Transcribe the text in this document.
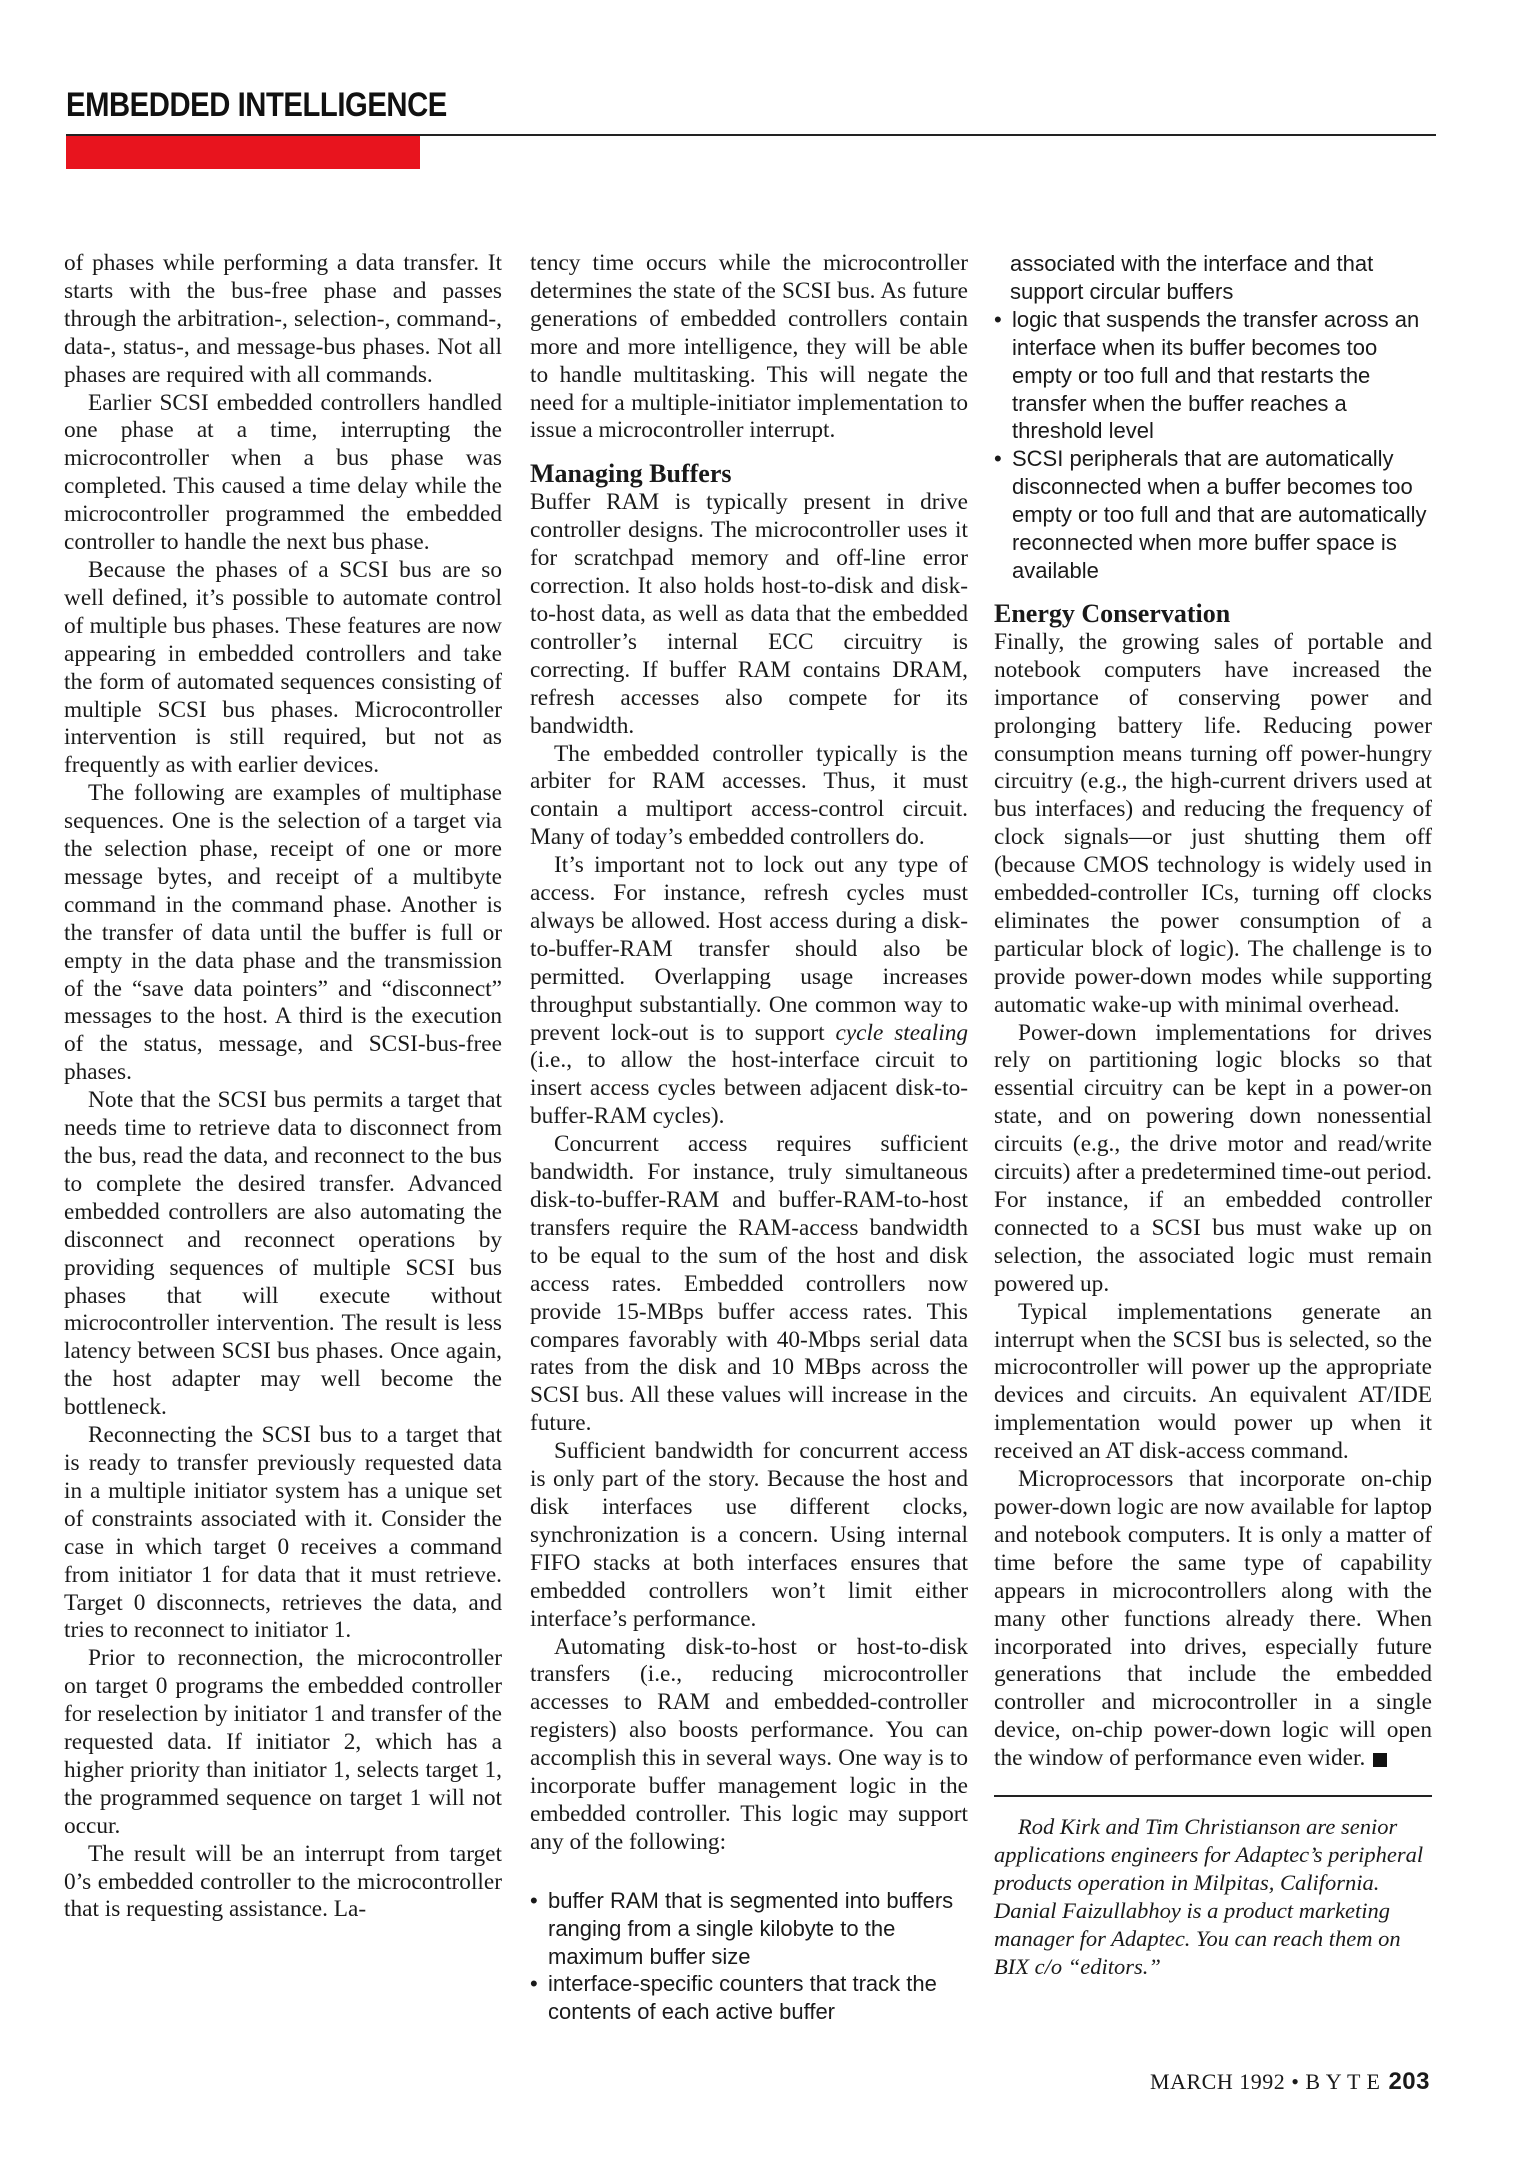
EMBEDDED INTELLIGENCE

of phases while performing a data transfer. It starts with the bus-free phase and passes through the arbitration-, selection-, command-, data-, status-, and message-bus phases. Not all phases are required with all commands.

Earlier SCSI embedded controllers handled one phase at a time, interrupting the microcontroller when a bus phase was completed. This caused a time delay while the microcontroller programmed the embedded controller to handle the next bus phase.

Because the phases of a SCSI bus are so well defined, it’s possible to automate control of multiple bus phases. These features are now appearing in embedded controllers and take the form of automated sequences consisting of multiple SCSI bus phases. Microcontroller intervention is still required, but not as frequently as with earlier devices.

The following are examples of multiphase sequences. One is the selection of a target via the selection phase, receipt of one or more message bytes, and receipt of a multibyte command in the command phase. Another is the transfer of data until the buffer is full or empty in the data phase and the transmission of the “save data pointers” and “disconnect” messages to the host. A third is the execution of the status, message, and SCSI-bus-free phases.

Note that the SCSI bus permits a target that needs time to retrieve data to disconnect from the bus, read the data, and reconnect to the bus to complete the desired transfer. Advanced embedded controllers are also automating the disconnect and reconnect operations by providing sequences of multiple SCSI bus phases that will execute without microcontroller intervention. The result is less latency between SCSI bus phases. Once again, the host adapter may well become the bottleneck.

Reconnecting the SCSI bus to a target that is ready to transfer previously requested data in a multiple initiator system has a unique set of constraints associated with it. Consider the case in which target 0 receives a command from initiator 1 for data that it must retrieve. Target 0 disconnects, retrieves the data, and tries to reconnect to initiator 1.

Prior to reconnection, the microcontroller on target 0 programs the embedded controller for reselection by initiator 1 and transfer of the requested data. If initiator 2, which has a higher priority than initiator 1, selects target 1, the programmed sequence on target 1 will not occur.

The result will be an interrupt from target 0’s embedded controller to the microcontroller that is requesting assistance. La-

tency time occurs while the microcontroller determines the state of the SCSI bus. As future generations of embedded controllers contain more and more intelligence, they will be able to handle multitasking. This will negate the need for a multiple-initiator implementation to issue a microcontroller interrupt.

Managing Buffers

Buffer RAM is typically present in drive controller designs. The microcontroller uses it for scratchpad memory and off-line error correction. It also holds host-to-disk and disk-to-host data, as well as data that the embedded controller’s internal ECC circuitry is correcting. If buffer RAM contains DRAM, refresh accesses also compete for its bandwidth.

The embedded controller typically is the arbiter for RAM accesses. Thus, it must contain a multiport access-control circuit. Many of today’s embedded controllers do.

It’s important not to lock out any type of access. For instance, refresh cycles must always be allowed. Host access during a disk-to-buffer-RAM transfer should also be permitted. Overlapping usage increases throughput substantially. One common way to prevent lock-out is to support cycle stealing (i.e., to allow the host-interface circuit to insert access cycles between adjacent disk-to-buffer-RAM cycles).

Concurrent access requires sufficient bandwidth. For instance, truly simultaneous disk-to-buffer-RAM and buffer-RAM-to-host transfers require the RAM-access bandwidth to be equal to the sum of the host and disk access rates. Embedded controllers now provide 15-MBps buffer access rates. This compares favorably with 40-Mbps serial data rates from the disk and 10 MBps across the SCSI bus. All these values will increase in the future.

Sufficient bandwidth for concurrent access is only part of the story. Because the host and disk interfaces use different clocks, synchronization is a concern. Using internal FIFO stacks at both interfaces ensures that embedded controllers won’t limit either interface’s performance.

Automating disk-to-host or host-to-disk transfers (i.e., reducing microcontroller accesses to RAM and embedded-controller registers) also boosts performance. You can accomplish this in several ways. One way is to incorporate buffer management logic in the embedded controller. This logic may support any of the following:

• buffer RAM that is segmented into buffers ranging from a single kilobyte to the maximum buffer size
• interface-specific counters that track the contents of each active buffer
associated with the interface and that support circular buffers
• logic that suspends the transfer across an interface when its buffer becomes too empty or too full and that restarts the transfer when the buffer reaches a threshold level
• SCSI peripherals that are automatically disconnected when a buffer becomes too empty or too full and that are automatically reconnected when more buffer space is available
Energy Conservation

Finally, the growing sales of portable and notebook computers have increased the importance of conserving power and prolonging battery life. Reducing power consumption means turning off power-hungry circuitry (e.g., the high-current drivers used at bus interfaces) and reducing the frequency of clock signals—or just shutting them off (because CMOS technology is widely used in embedded-controller ICs, turning off clocks eliminates the power consumption of a particular block of logic). The challenge is to provide power-down modes while supporting automatic wake-up with minimal overhead.

Power-down implementations for drives rely on partitioning logic blocks so that essential circuitry can be kept in a power-on state, and on powering down nonessential circuits (e.g., the drive motor and read/write circuits) after a predetermined time-out period. For instance, if an embedded controller connected to a SCSI bus must wake up on selection, the associated logic must remain powered up.

Typical implementations generate an interrupt when the SCSI bus is selected, so the microcontroller will power up the appropriate devices and circuits. An equivalent AT/IDE implementation would power up when it received an AT disk-access command.

Microprocessors that incorporate on-chip power-down logic are now available for laptop and notebook computers. It is only a matter of time before the same type of capability appears in microcontrollers along with the many other functions already there. When incorporated into drives, especially future generations that include the embedded controller and microcontroller in a single device, on-chip power-down logic will open the window of performance even wider.

Rod Kirk and Tim Christianson are senior applications engineers for Adaptec’s peripheral products operation in Milpitas, California. Danial Faizullabhoy is a product marketing manager for Adaptec. You can reach them on BIX c/o “editors.”

MARCH 1992 • B Y T E 203
